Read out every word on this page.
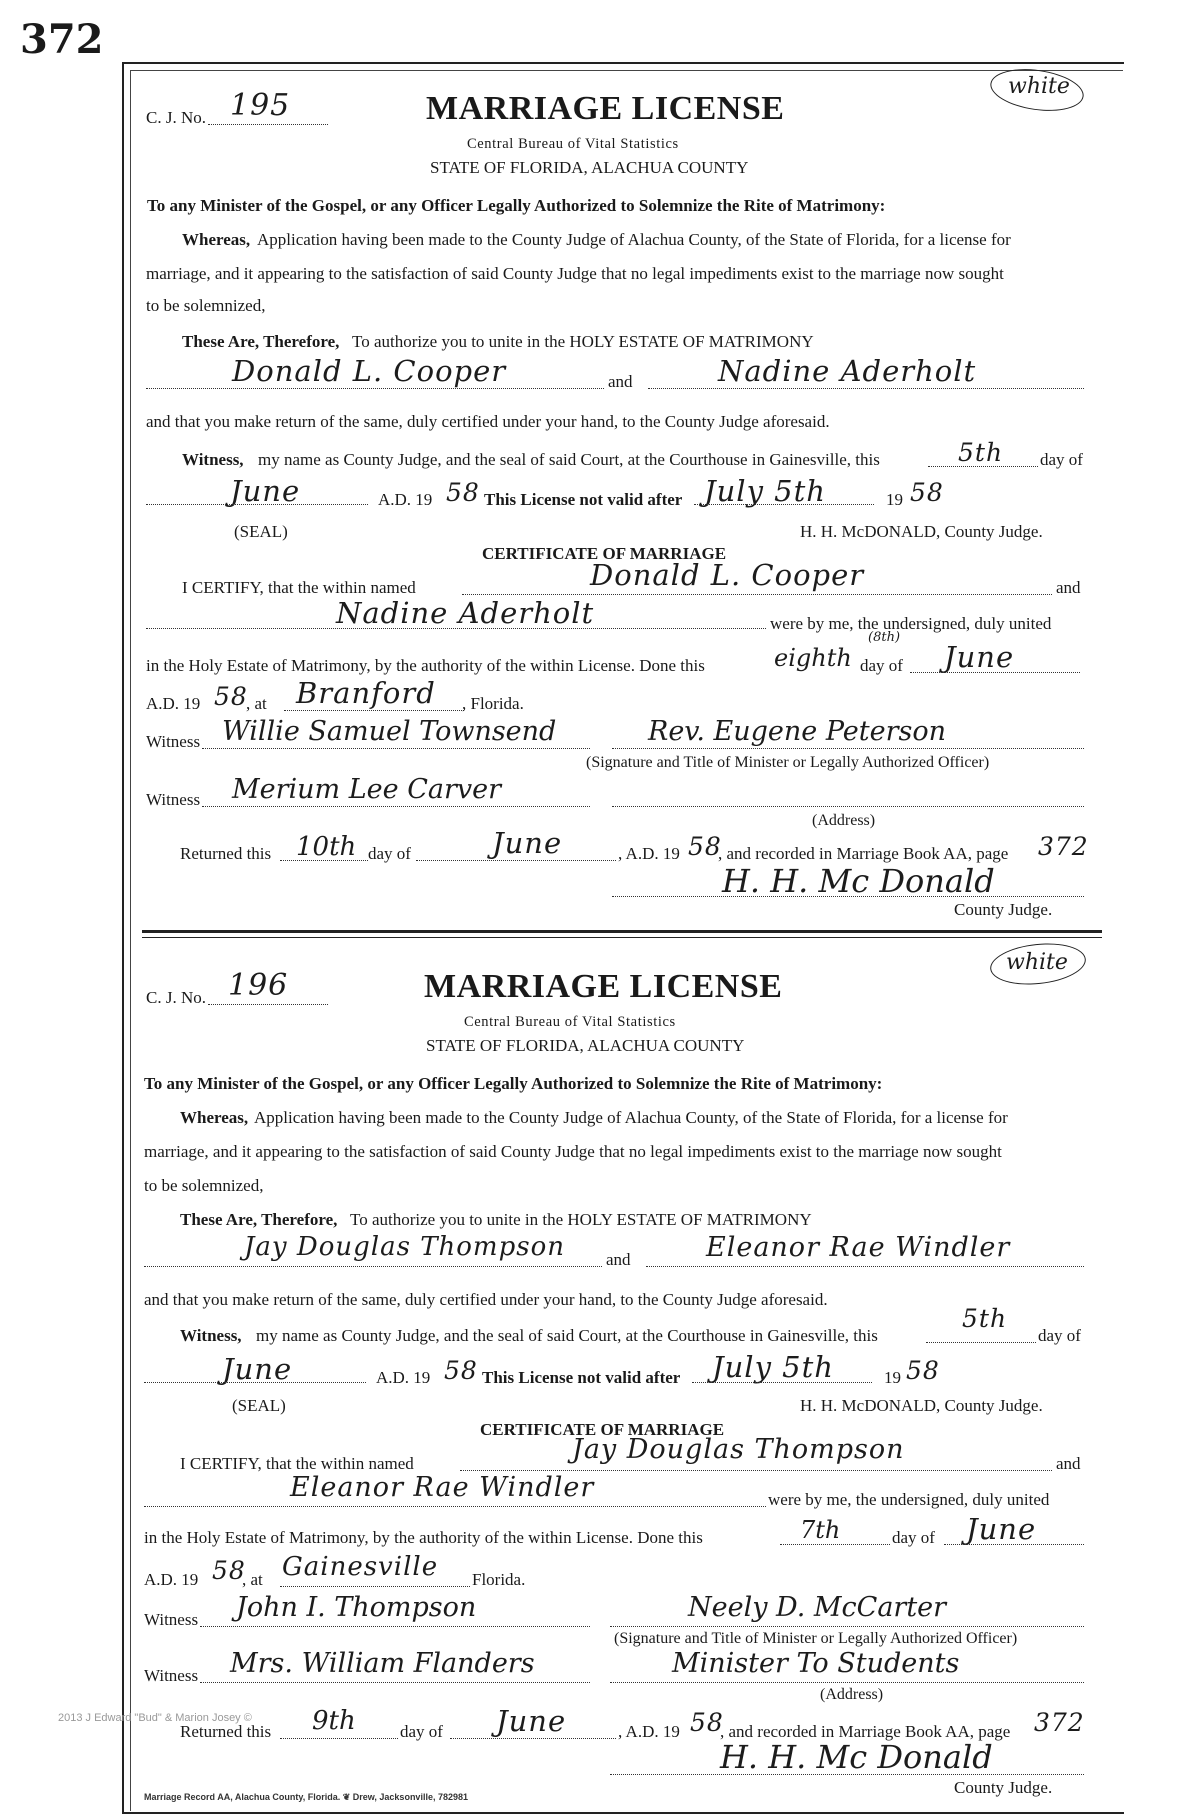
372
C. J. No. 195
white
MARRIAGE LICENSE
Central Bureau of Vital Statistics
STATE OF FLORIDA, ALACHUA COUNTY
To any Minister of the Gospel, or any Officer Legally Authorized to Solemnize the Rite of Matrimony:
Whereas, Application having been made to the County Judge of Alachua County, of the State of Florida, for a license for
marriage, and it appearing to the satisfaction of said County Judge that no legal impediments exist to the marriage now sought
to be solemnized,
These Are, Therefore, To authorize you to unite in the HOLY ESTATE OF MATRIMONY
Donald L. Cooper	and	Nadine Aderholt
and that you make return of the same, duly certified under your hand, to the County Judge aforesaid.
Witness, my name as County Judge, and the seal of said Court, at the Courthouse in Gainesville, this	5th day of
June	A.D. 19 58 This License not valid after July 5th	19 58
(SEAL)	H. H. McDONALD, County Judge.
CERTIFICATE OF MARRIAGE
I CERTIFY, that the within named	Donald L. Cooper	and
Nadine Aderholt	were by me, the undersigned, duly united
in the Holy Estate of Matrimony, by the authority of the within License. Done this	eighth
(8th)
day of June
A.D. 19 58
, at Branford , Florida.
Witness Willie Samuel Townsend	Rev. Eugene Peterson
(Signature and Title of Minister or Legally Authorized Officer)
Witness Merium Lee Carver
(Address)
Returned this 10th day of	June	, A.D. 19 58
, and recorded in Marriage Book AA, page 372
H. H. Mc Donald
County Judge.
C. J. No. 196
white
MARRIAGE LICENSE
Central Bureau of Vital Statistics
STATE OF FLORIDA, ALACHUA COUNTY
To any Minister of the Gospel, or any Officer Legally Authorized to Solemnize the Rite of Matrimony:
Whereas, Application having been made to the County Judge of Alachua County, of the State of Florida, for a license for
marriage, and it appearing to the satisfaction of said County Judge that no legal impediments exist to the marriage now sought
to be solemnized,
These Are, Therefore, To authorize you to unite in the HOLY ESTATE OF MATRIMONY
Jay Douglas Thompson and	Eleanor Rae Windler
and that you make return of the same, duly certified under your hand, to the County Judge aforesaid.
Witness, my name as County Judge, and the seal of said Court, at the Courthouse in Gainesville, this
5th
day of
June	A.D. 19 58 This License not valid after July 5th	19 58
(SEAL)	H. H. McDONALD, County Judge.
CERTIFICATE OF MARRIAGE
I CERTIFY, that the within named	Jay Douglas Thompson	and
Eleanor Rae Windler	were by me, the undersigned, duly united
in the Holy Estate of Matrimony, by the authority of the within License. Done this	7th	day of June
A.D. 19 58
, at Gainesville Florida.
Witness John I. Thompson	Neely D. McCarter
(Signature and Title of Minister or Legally Authorized Officer)
Witness Mrs. William Flanders	Minister To Students
(Address)
Returned this 9th	day of June	, A.D. 19 58
, and recorded in Marriage Book AA, page 372
H. H. Mc Donald
County Judge.
2013 J Edward "Bud" & Marion Josey ©
Marriage Record AA, Alachua County, Florida. ❦ Drew, Jacksonville, 782981
